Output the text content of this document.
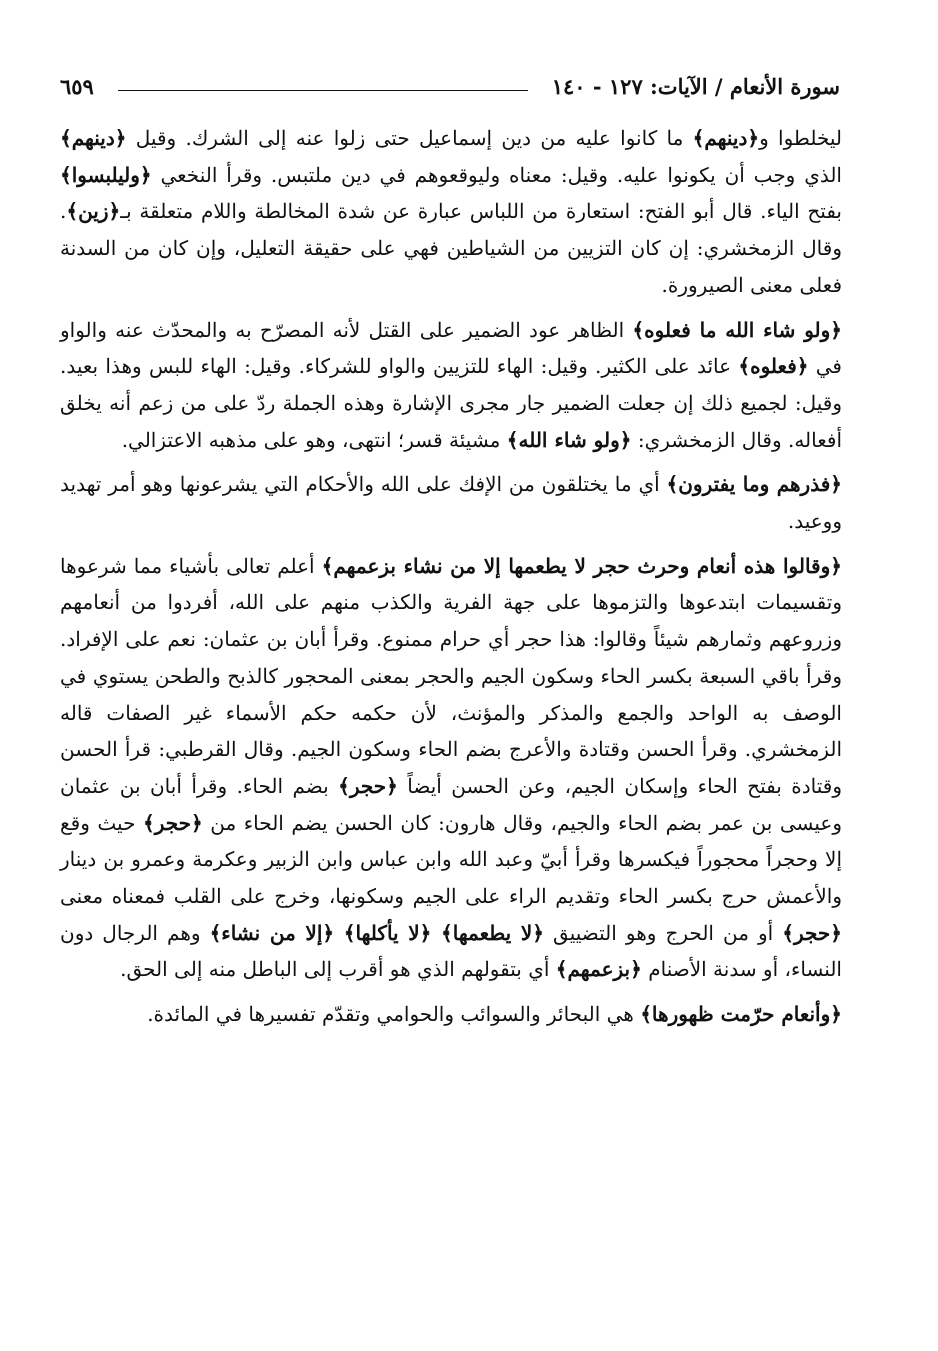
سورة الأنعام / الآيات: ١٢٧ - ١٤٠
٦٥٩

ليخلطوا و﴿دينهم﴾ ما كانوا عليه من دين إسماعيل حتى زلوا عنه إلى الشرك. وقيل ﴿دينهم﴾ الذي وجب أن يكونوا عليه. وقيل: معناه وليوقعوهم في دين ملتبس. وقرأ النخعي ﴿وليلبسوا﴾ بفتح الياء. قال أبو الفتح: استعارة من اللباس عبارة عن شدة المخالطة واللام متعلقة بـ﴿زين﴾. وقال الزمخشري: إن كان التزيين من الشياطين فهي على حقيقة التعليل، وإن كان من السدنة فعلى معنى الصيرورة.

﴿ولو شاء الله ما فعلوه﴾ الظاهر عود الضمير على القتل لأنه المصرّح به والمحدّث عنه والواو في ﴿فعلوه﴾ عائد على الكثير. وقيل: الهاء للتزيين والواو للشركاء. وقيل: الهاء للبس وهذا بعيد. وقيل: لجميع ذلك إن جعلت الضمير جار مجرى الإشارة وهذه الجملة ردّ على من زعم أنه يخلق أفعاله. وقال الزمخشري: ﴿ولو شاء الله﴾ مشيئة قسر؛ انتهى، وهو على مذهبه الاعتزالي.

﴿فذرهم وما يفترون﴾ أي ما يختلقون من الإفك على الله والأحكام التي يشرعونها وهو أمر تهديد ووعيد.

﴿وقالوا هذه أنعام وحرث حجر لا يطعمها إلا من نشاء بزعمهم﴾ أعلم تعالى بأشياء مما شرعوها وتقسيمات ابتدعوها والتزموها على جهة الفرية والكذب منهم على الله، أفردوا من أنعامهم وزروعهم وثمارهم شيئاً وقالوا: هذا حجر أي حرام ممنوع. وقرأ أبان بن عثمان: نعم على الإفراد. وقرأ باقي السبعة بكسر الحاء وسكون الجيم والحجر بمعنى المحجور كالذبح والطحن يستوي في الوصف به الواحد والجمع والمذكر والمؤنث، لأن حكمه حكم الأسماء غير الصفات قاله الزمخشري. وقرأ الحسن وقتادة والأعرج بضم الحاء وسكون الجيم. وقال القرطبي: قرأ الحسن وقتادة بفتح الحاء وإسكان الجيم، وعن الحسن أيضاً ﴿حجر﴾ بضم الحاء. وقرأ أبان بن عثمان وعيسى بن عمر بضم الحاء والجيم، وقال هارون: كان الحسن يضم الحاء من ﴿حجر﴾ حيث وقع إلا وحجراً محجوراً فيكسرها وقرأ أبيّ وعبد الله وابن عباس وابن الزبير وعكرمة وعمرو بن دينار والأعمش حرج بكسر الحاء وتقديم الراء على الجيم وسكونها، وخرج على القلب فمعناه معنى ﴿حجر﴾ أو من الحرج وهو التضييق ﴿لا يطعمها﴾ ﴿لا يأكلها﴾ ﴿إلا من نشاء﴾ وهم الرجال دون النساء، أو سدنة الأصنام ﴿بزعمهم﴾ أي بتقولهم الذي هو أقرب إلى الباطل منه إلى الحق.

﴿وأنعام حرّمت ظهورها﴾ هي البحائر والسوائب والحوامي وتقدّم تفسيرها في المائدة.
